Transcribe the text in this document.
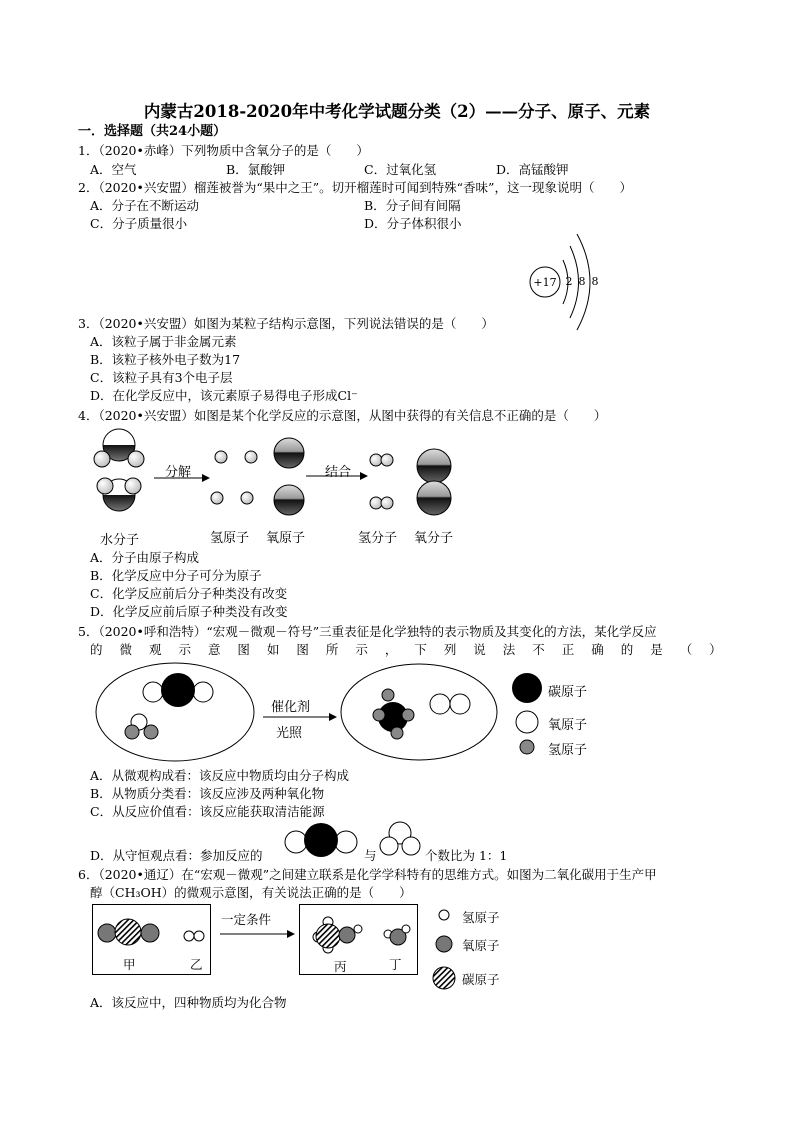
内蒙古2018-2020年中考化学试题分类（2）——分子、原子、元素
一．选择题（共24小题）
1．（2020•赤峰）下列物质中含氧分子的是（　　）
A．空气	B．氯酸钾	C．过氧化氢	D．高锰酸钾
2．（2020•兴安盟）榴莲被誉为“果中之王”。切开榴莲时可闻到特殊“香味”，这一现象说明（　　）
A．分子在不断运动	B．分子间有间隔
C．分子质量很小	D．分子体积很小
+17 2 8 8
3．（2020•兴安盟）如图为某粒子结构示意图，下列说法错误的是（　　）
A．该粒子属于非金属元素
B．该粒子核外电子数为17
C．该粒子具有3个电子层
D．在化学反应中，该元素原子易得电子形成Cl⁻
4．（2020•兴安盟）如图是某个化学反应的示意图，从图中获得的有关信息不正确的是（　　）
分解	结合
水分子	氢原子 氧原子	氢分子 氧分子
A．分子由原子构成
B．化学反应中分子可分为原子
C．化学反应前后分子种类没有改变
D．化学反应前后原子种类没有改变
5．（2020•呼和浩特）“宏观－微观－符号”三重表征是化学独特的表示物质及其变化的方法，某化学反应
的 微 观 示 意 图 如 图 所 示 ， 下 列 说 法 不 正 确 的 是 （ ）
催化剂
光照
碳原子
氧原子
氢原子
A．从微观构成看：该反应中物质均由分子构成
B．从物质分类看：该反应涉及两种氧化物
C．从反应价值看：该反应能获取清洁能源
D．从守恒观点看：参加反应的	与	个数比为 1：1
6．（2020•通辽）在“宏观－微观”之间建立联系是化学学科特有的思维方式。如图为二氧化碳用于生产甲
醇（CH₃OH）的微观示意图，有关说法正确的是（　　）
一定条件
甲	乙	丙	丁
氢原子
氧原子
碳原子
A．该反应中，四种物质均为化合物
